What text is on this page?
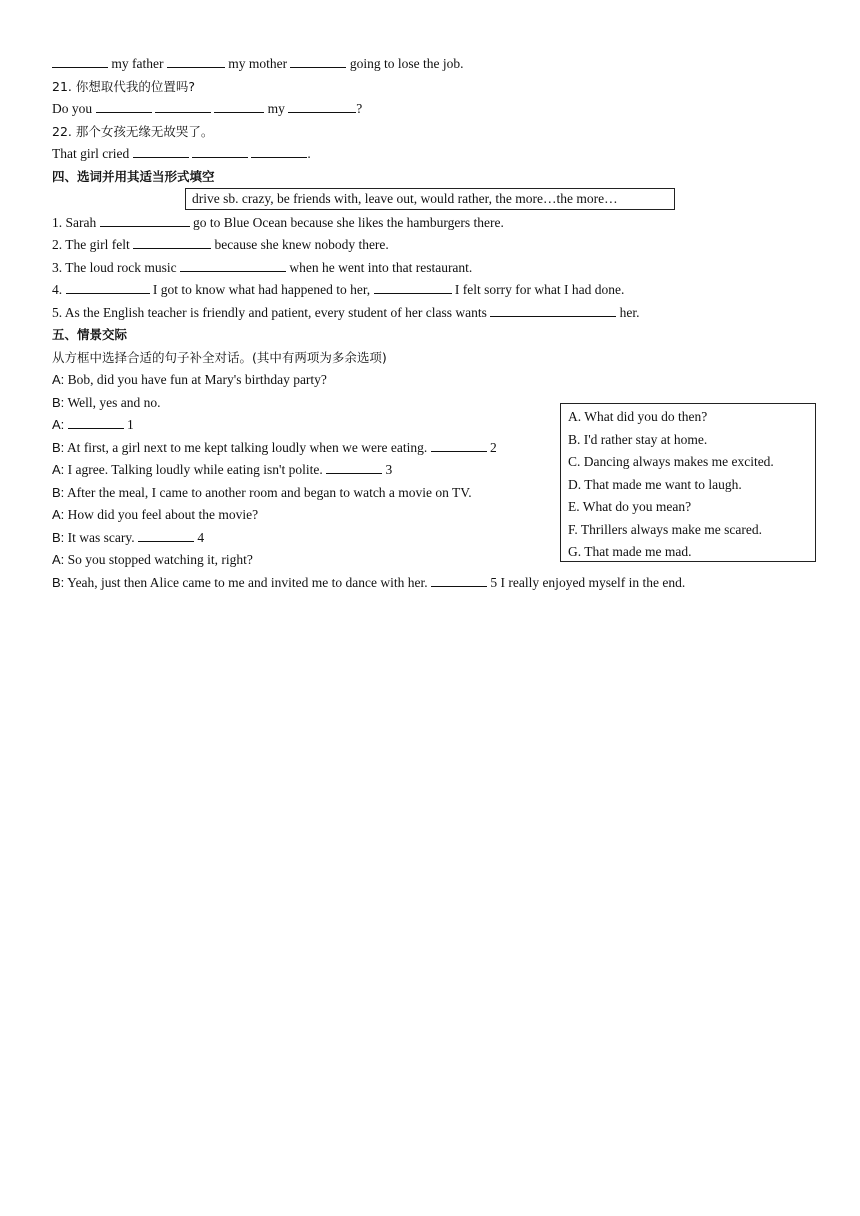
my father	my mother	going to lose the job.
21. 你想取代我的位置吗?
Do you	my	?
22. 那个女孩无缘无故哭了。
That girl cried	.
四、选词并用其适当形式填空
drive sb. crazy, be friends with, leave out, would rather, the more…the more…
1. Sarah	go to Blue Ocean because she likes the hamburgers there.
2. The girl felt	because she knew nobody there.
3. The loud rock music	when he went into that restaurant.
4.	I got to know what had happened to her,	I felt sorry for what I had done.
5. As the English teacher is friendly and patient, every student of her class wants	her.
五、情景交际
从方框中选择合适的句子补全对话。(其中有两项为多余选项)
A: Bob, did you have fun at Mary's birthday party?
B: Well, yes and no.
A:	1
B: At first, a girl next to me kept talking loudly when we were eating.	2
A: I agree. Talking loudly while eating isn't polite.	3
B: After the meal, I came to another room and began to watch a movie on TV.
A: How did you feel about the movie?
B: It was scary.	4
A: So you stopped watching it, right?
B: Yeah, just then Alice came to me and invited me to dance with her.	5 I really enjoyed myself in the end.
A. What did you do then?
B. I'd rather stay at home.
C. Dancing always makes me excited.
D. That made me want to laugh.
E. What do you mean?
F. Thrillers always make me scared.
G. That made me mad.
